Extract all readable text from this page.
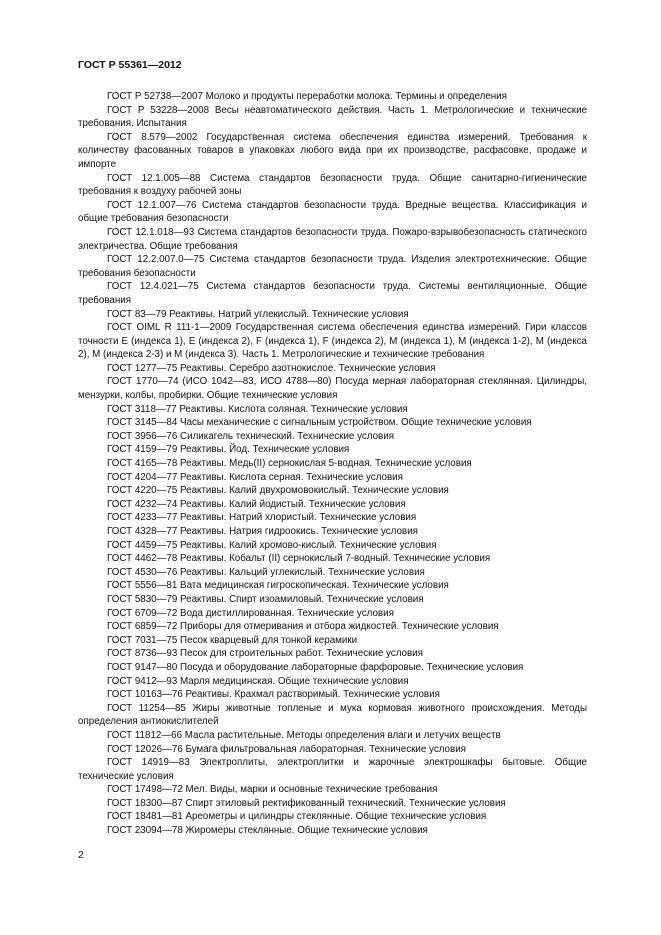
ГОСТ Р 55361—2012

ГОСТ Р 52738—2007 Молоко и продукты переработки молока. Термины и определения

ГОСТ Р 53228—2008 Весы неавтоматического действия. Часть 1. Метрологические и технические требования. Испытания

ГОСТ 8.579—2002 Государственная система обеспечения единства измерений. Требования к количеству фасованных товаров в упаковках любого вида при их производстве, расфасовке, продаже и импорте

ГОСТ 12.1.005—88 Система стандартов безопасности труда. Общие санитарно-гигиенические требования к воздуху рабочей зоны

ГОСТ 12.1.007—76 Система стандартов безопасности труда. Вредные вещества. Классификация и общие требования безопасности

ГОСТ 12.1.018—93 Система стандартов безопасности труда. Пожаро-взрывобезопасность статического электричества. Общие требования

ГОСТ 12.2.007.0—75 Система стандартов безопасности труда. Изделия электротехнические. Общие требования безопасности

ГОСТ 12.4.021—75 Система стандартов безопасности труда. Системы вентиляционные. Общие требования

ГОСТ 83—79 Реактивы. Натрий углекислый. Технические условия

ГОСТ OIML R 111-1—2009 Государственная система обеспечения единства измерений. Гири классов точности Е (индекса 1), Е (индекса 2), F (индекса 1), F (индекса 2), M (индекса 1), M (индекса 1-2), M (индекса 2), M (индекса 2-3) и M (индекса 3). Часть 1. Метрологические и технические требования

ГОСТ 1277—75 Реактивы. Серебро азотнокислое. Технические условия

ГОСТ 1770—74 (ИСО 1042—83, ИСО 4788—80) Посуда мерная лабораторная стеклянная. Цилиндры, мензурки, колбы, пробирки. Общие технические условия

ГОСТ 3118—77 Реактивы. Кислота соляная. Технические условия

ГОСТ 3145—84 Часы механические с сигнальным устройством. Общие технические условия

ГОСТ 3956—76 Силикагель технический. Технические условия

ГОСТ 4159—79 Реактивы. Йод. Технические условия

ГОСТ 4165—78 Реактивы. Медь(II) сернокислая 5-водная. Технические условия

ГОСТ 4204—77 Реактивы. Кислота серная. Технические условия

ГОСТ 4220—75 Реактивы. Калий двухромовокислый. Технические условия

ГОСТ 4232—74 Реактивы. Калий йодистый. Технические условия

ГОСТ 4233—77 Реактивы. Натрий хлористый. Технические условия

ГОСТ 4328—77 Реактивы. Натрия гидроокись. Технические условия

ГОСТ 4459—75 Реактивы. Калий хромово-кислый. Технические условия

ГОСТ 4462—78 Реактивы. Кобальт (II) сернокислый 7-водный. Технические условия

ГОСТ 4530—76 Реактивы. Кальций углекислый. Технические условия

ГОСТ 5556—81 Вата медицинская гигроскопическая. Технические условия

ГОСТ 5830—79 Реактивы. Спирт изоамиловый. Технические условия

ГОСТ 6709—72 Вода дистиллированная. Технические условия

ГОСТ 6859—72 Приборы для отмеривания и отбора жидкостей. Технические условия

ГОСТ 7031—75 Песок кварцевый для тонкой керамики

ГОСТ 8736—93 Песок для строительных работ. Технические условия

ГОСТ 9147—80 Посуда и оборудование лабораторные фарфоровые. Технические условия

ГОСТ 9412—93 Марля медицинская. Общие технические условия

ГОСТ 10163—76 Реактивы. Крахмал растворимый. Технические условия

ГОСТ 11254—85 Жиры животные топленые и мука кормовая животного происхождения. Методы определения антиокислителей

ГОСТ 11812—66 Масла растительные. Методы определения влаги и летучих веществ

ГОСТ 12026—76 Бумага фильтровальная лабораторная. Технические условия

ГОСТ 14919—83 Электроплиты, электроплитки и жарочные электрошкафы бытовые. Общие технические условия

ГОСТ 17498—72 Мел. Виды, марки и основные технические требования

ГОСТ 18300—87 Спирт этиловый ректификованный технический. Технические условия

ГОСТ 18481—81 Ареометры и цилиндры стеклянные. Общие технические условия

ГОСТ 23094—78 Жиромеры стеклянные. Общие технические условия

2
